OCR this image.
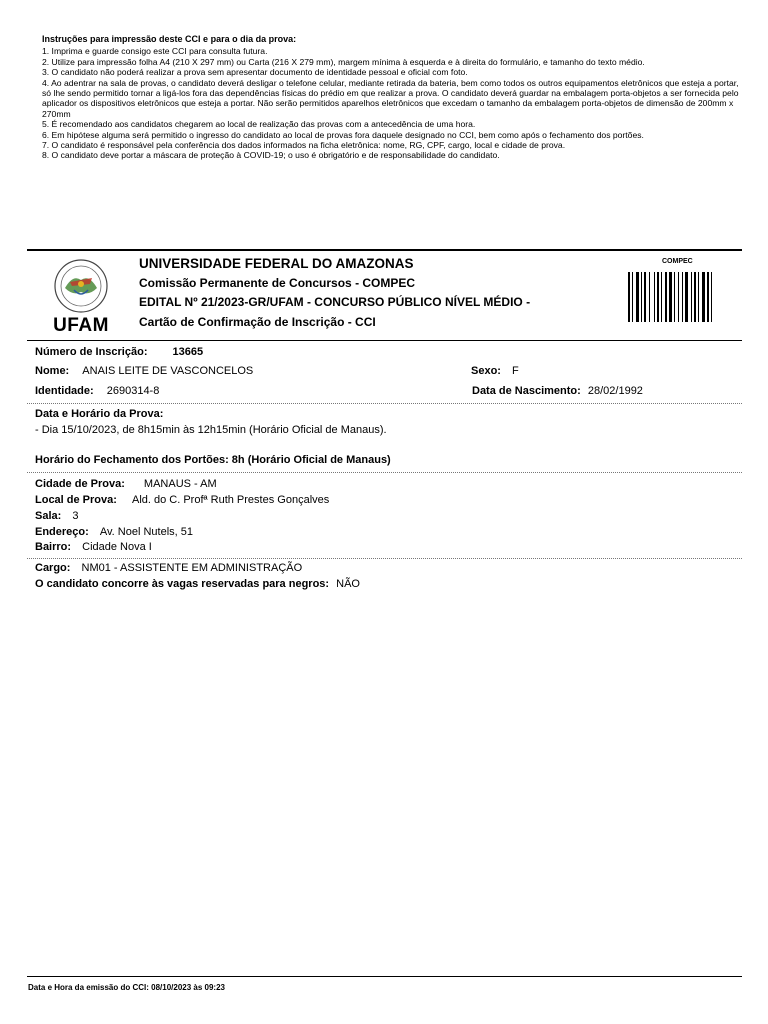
Instruções para impressão deste CCI e para o dia da prova:
1. Imprima e guarde consigo este CCI para consulta futura.
2. Utilize para impressão folha A4 (210 X 297 mm) ou Carta (216 X 279 mm), margem mínima à esquerda e à direita do formulário, e tamanho do texto médio.
3. O candidato não poderá realizar a prova sem apresentar documento de identidade pessoal e oficial com foto.
4. Ao adentrar na sala de provas, o candidato deverá desligar o telefone celular, mediante retirada da bateria, bem como todos os outros equipamentos eletrônicos que esteja a portar, só lhe sendo permitido tornar a ligá-los fora das dependências físicas do prédio em que realizar a prova. O candidato deverá guardar na embalagem porta-objetos a ser fornecida pelo aplicador os dispositivos eletrônicos que esteja a portar. Não serão permitidos aparelhos eletrônicos que excedam o tamanho da embalagem porta-objetos de dimensão de 200mm x 270mm
5. É recomendado aos candidatos chegarem ao local de realização das provas com a antecedência de uma hora.
6. Em hipótese alguma será permitido o ingresso do candidato ao local de provas fora daquele designado no CCI, bem como após o fechamento dos portões.
7. O candidato é responsável pela conferência dos dados informados na ficha eletrônica: nome, RG, CPF, cargo, local e cidade de prova.
8. O candidato deve portar a máscara de proteção à COVID-19; o uso é obrigatório e de responsabilidade do candidato.
UFAM
UNIVERSIDADE FEDERAL DO AMAZONAS
Comissão Permanente de Concursos - COMPEC
EDITAL Nº 21/2023-GR/UFAM - CONCURSO PÚBLICO NÍVEL MÉDIO -
Cartão de Confirmação de Inscrição - CCI
COMPEC
Número de Inscrição: 13665
Nome: ANAIS LEITE DE VASCONCELOS	Sexo: F
Identidade: 2690314-8	Data de Nascimento: 28/02/1992
Data e Horário da Prova:
- Dia 15/10/2023, de 8h15min às 12h15min (Horário Oficial de Manaus).
Horário do Fechamento dos Portões: 8h (Horário Oficial de Manaus)
Cidade de Prova: MANAUS - AM
Local de Prova: Ald. do C. Profª Ruth Prestes Gonçalves
Sala: 3
Endereço: Av. Noel Nutels, 51
Bairro: Cidade Nova I
Cargo: NM01 - ASSISTENTE EM ADMINISTRAÇÃO
O candidato concorre às vagas reservadas para negros: NÃO
Data e Hora da emissão do CCI: 08/10/2023 às 09:23
